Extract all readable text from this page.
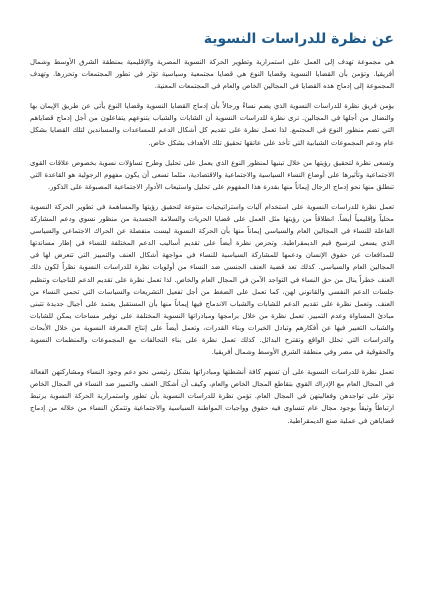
عن نظرة للدراسات النسوية

هي مجموعة تهدف إلى العمل على استمرارية وتطوير الحركة النسوية المصرية والإقليمية بمنطقة الشرق الأوسط وشمال أفريقيا. وتؤمن بأن القضايا النسوية وقضايا النوع هي قضايا مجتمعية وسياسية تؤثر في تطور المجتمعات وتحررها. وتهدف المجموعة إلى إدماج هذه القضايا في المجالين الخاص والعام في المجتمعات المعنية.

يؤمن فريق نظرة للدراسات النسوية الذي يضم نساءً ورجالاً بأن إدماج القضايا النسوية وقضايا النوع يأتي عن طريق الإيمان بها والنضال من أجلها في المجالين. ترى نظرة للدراسات النسوية أن الشابات والشباب بتنوعهم يتفاعلون من أجل إدماج قضاياهم التي تضم منظور النوع في المجتمع. لذا تعمل نظرة على تقديم كل أشكال الدعم للمساعدات والمساندين لتلك القضايا بشكل عام ودعم المجموعات الشبابية التي تأخذ على عاتقها تحقيق تلك الأهداف بشكل خاص.

وتسعى نظرة لتحقيق رؤيتها من خلال تبنيها لمنظور النوع الذي يعمل على تحليل وطرح تساؤلات نسوية بخصوص علاقات القوى الاجتماعية وتأثيرها على أوضاع النساء السياسية والاجتماعية والاقتصادية، مثلما تسعى أن يكون مفهوم الرجولية هو القاعدة التي تنطلق منها نحو إدماج الرجال إيماناً منها بقدرة هذا المفهوم على تحليل واستيعاب الأدوار الاجتماعية المصبوغة على الذكور.

تعمل نظرة للدراسات النسوية على استخدام آليات واستراتيجيات متنوعة لتحقيق رؤيتها والمساهمة في تطوير الحركة النسوية محلياً وإقليمياً أيضاً. انطلاقاً من رؤيتها مثل العمل على قضايا الحريات والسلامة الجسدية من منظور نسوي ودعم المشاركة الفاعلة للنساء في المجالين العام والسياسي إيماناً منها بأن الحركة النسوية ليست منفصلة عن الحراك الاجتماعي والسياسي الذي يسعى لترسيخ قيم الديمقراطية. وتحرص نظرة أيضاً على تقديم أساليب الدعم المختلفة للنساء في إطار مساندتها للمدافعات عن حقوق الإنسان ودعمها للمشاركة السياسية للنساء في مواجهة أشكال العنف والتمييز التي تتعرض لها في المجالين العام والسياسي. كذلك تعد قضية العنف الجنسي ضد النساء من أولويات نظرة للدراسات النسوية نظراً لكون ذلك العنف خطراً ينال من حق النساء في التواجد الآمن في المجال العام والخاص. لذا تعمل نظرة على تقديم الدعم للناجيات وتنظيم جلسات الدعم النفسي والقانوني لهن، كما تعمل على الضغط من أجل تفعيل التشريعات والسياسات التي تحمي النساء من العنف. وتعمل نظرة على تقديم الدعم للشابات والشباب الاندماج فيها إيماناً منها بأن المستقبل يعتمد على أجيال جديدة تتبنى مبادئ المساواة وعدم التمييز. تعمل نظرة من خلال برامجها ومبادراتها النسوية المختلفة على توفير مساحات يمكن للشابات والشباب التعبير فيها عن أفكارهم وتبادل الخبرات وبناء القدرات، وتعمل أيضاً على إنتاج المعرفة النسوية من خلال الأبحاث والدراسات التي تحلل الواقع وتقترح البدائل. كذلك تعمل نظرة على بناء التحالفات مع المجموعات والمنظمات النسوية والحقوقية في مصر وفي منطقة الشرق الأوسط وشمال أفريقيا.

تعمل نظرة للدراسات النسوية على أن تسهم كافة أنشطتها ومبادراتها بشكل رئيسي نحو دعم وجود النساء ومشاركتهن الفعالة في المجال العام مع الإدراك القوي بتقاطع المجال الخاص والعام، وكيف أن أشكال العنف والتمييز ضد النساء في المجال الخاص تؤثر على تواجدهن وفعاليتهن في المجال العام. تؤمن نظرة للدراسات النسوية بأن تطور واستمرارية الحركة النسوية يرتبط ارتباطاً وثيقاً بوجود مجال عام تتساوى فيه حقوق وواجبات المواطنة السياسية والاجتماعية وتتمكن النساء من خلاله من إدماج قضاياهن في عملية صنع الديمقراطية.
